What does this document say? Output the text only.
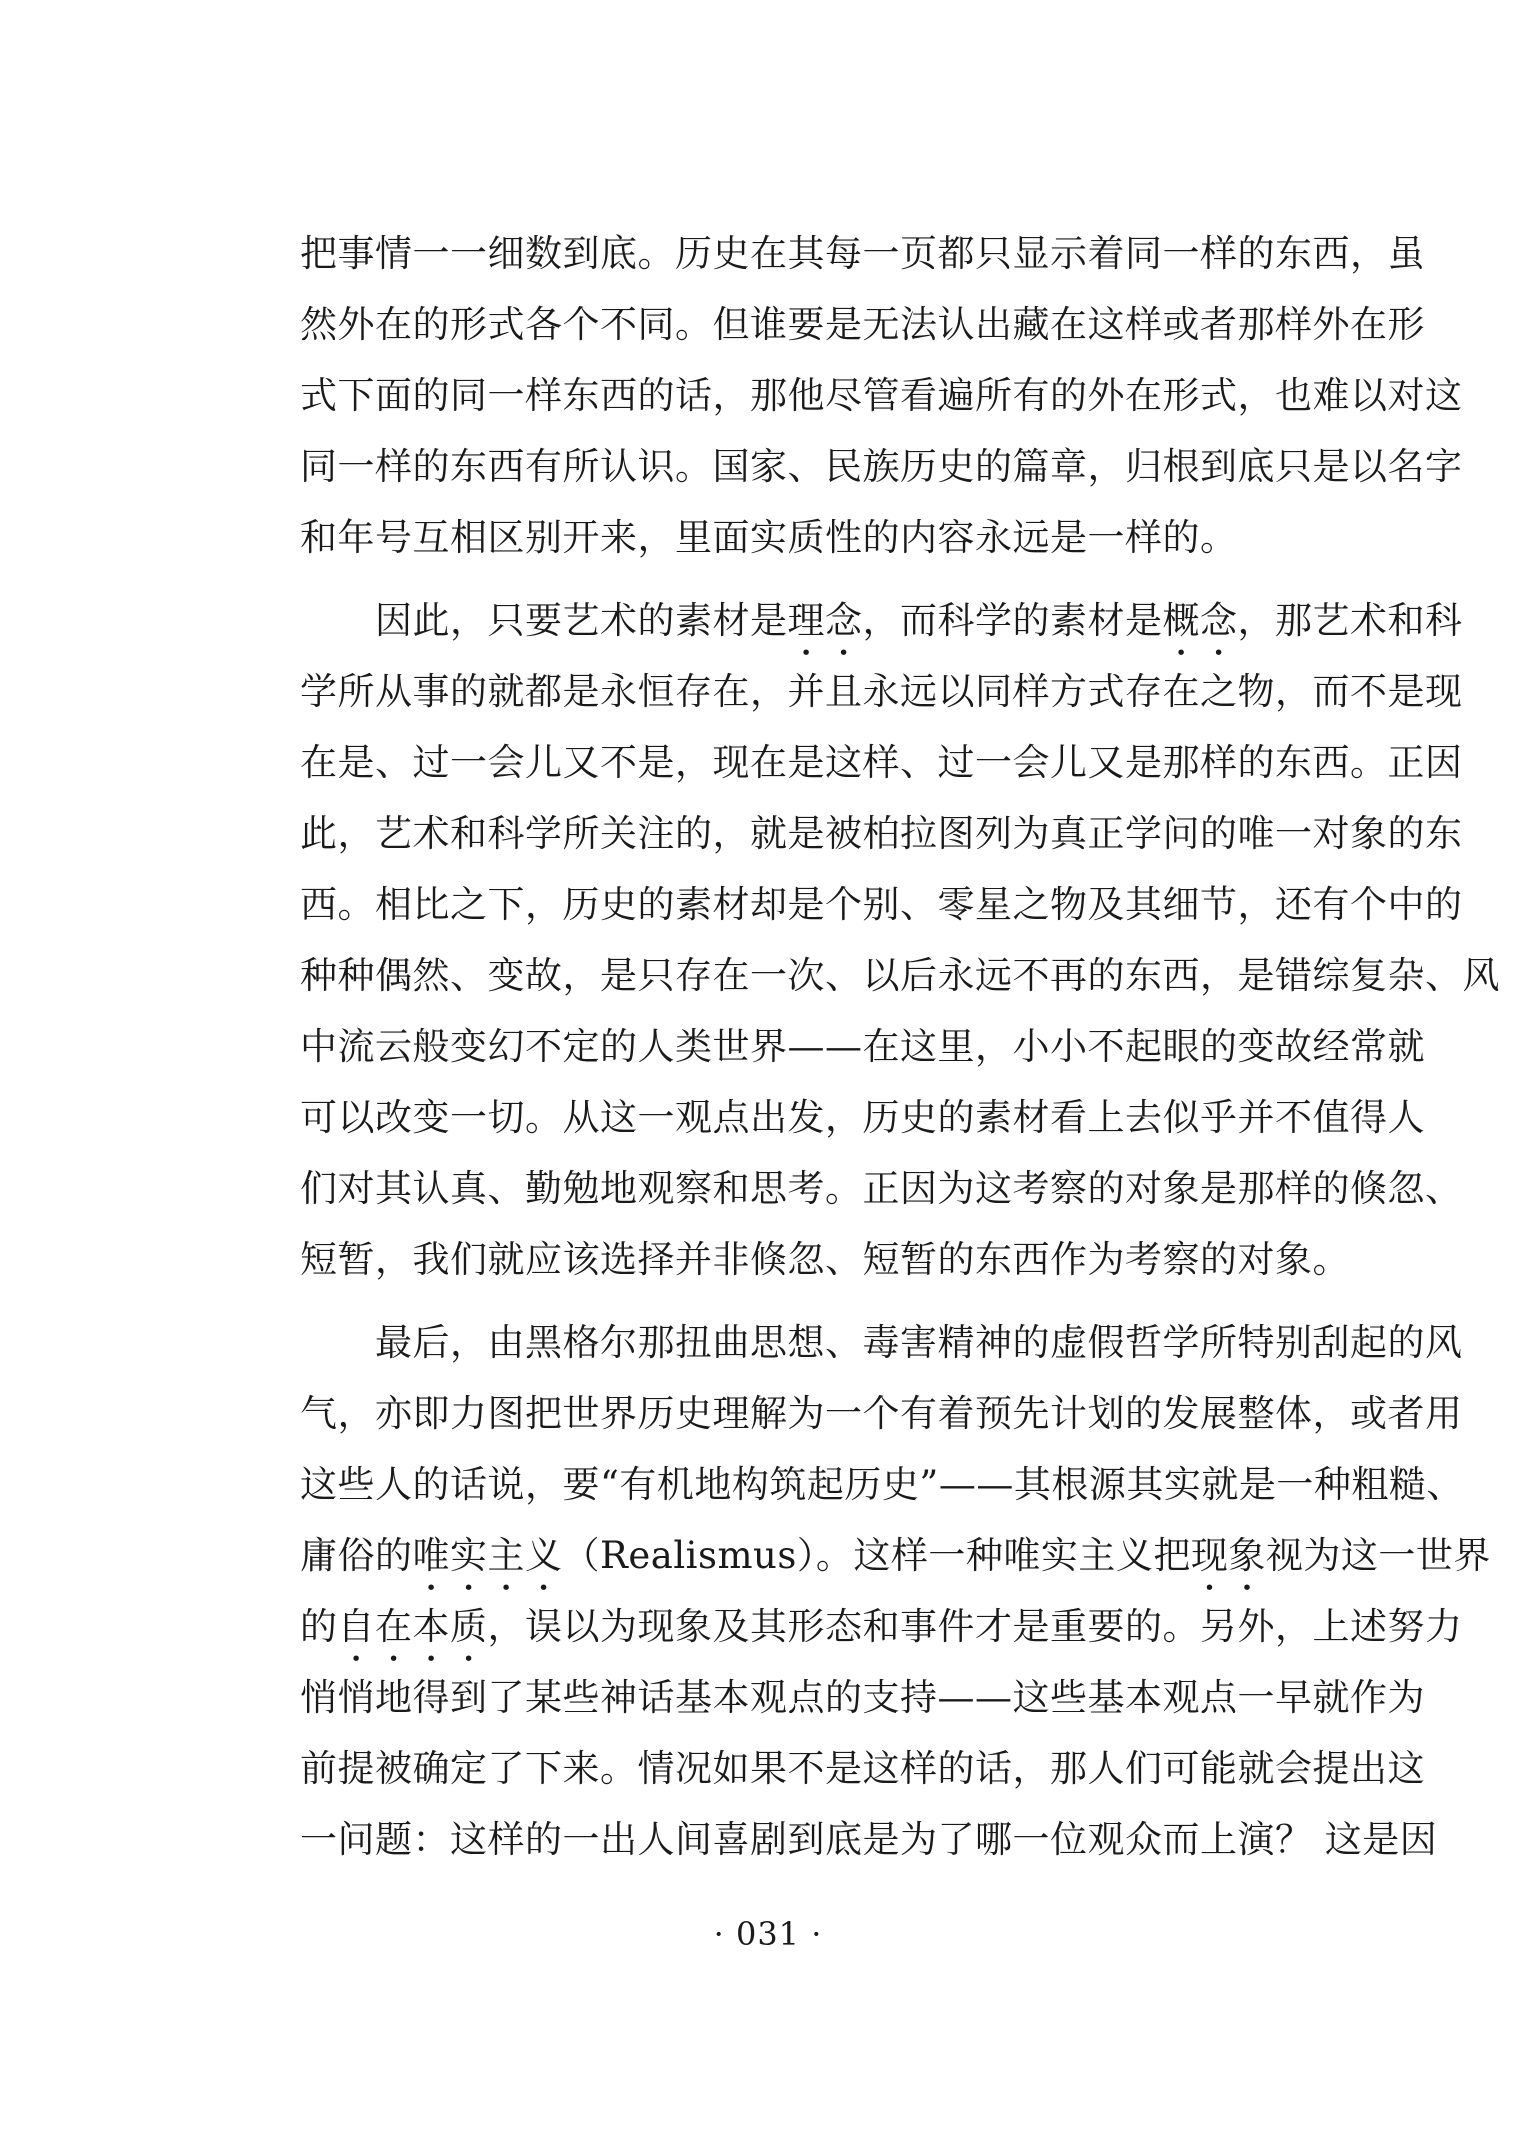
把事情一一细数到底。历史在其每一页都只显示着同一样的东西，虽
然外在的形式各个不同。但谁要是无法认出藏在这样或者那样外在形
式下面的同一样东西的话，那他尽管看遍所有的外在形式，也难以对这
同一样的东西有所认识。国家、民族历史的篇章，归根到底只是以名字
和年号互相区别开来，里面实质性的内容永远是一样的。
　　因此，只要艺术的素材是理念，而科学的素材是概念，那艺术和科
学所从事的就都是永恒存在，并且永远以同样方式存在之物，而不是现
在是、过一会儿又不是，现在是这样、过一会儿又是那样的东西。正因
此，艺术和科学所关注的，就是被柏拉图列为真正学问的唯一对象的东
西。相比之下，历史的素材却是个别、零星之物及其细节，还有个中的
种种偶然、变故，是只存在一次、以后永远不再的东西，是错综复杂、风
中流云般变幻不定的人类世界——在这里，小小不起眼的变故经常就
可以改变一切。从这一观点出发，历史的素材看上去似乎并不值得人
们对其认真、勤勉地观察和思考。正因为这考察的对象是那样的倏忽、
短暂，我们就应该选择并非倏忽、短暂的东西作为考察的对象。
　　最后，由黑格尔那扭曲思想、毒害精神的虚假哲学所特别刮起的风
气，亦即力图把世界历史理解为一个有着预先计划的发展整体，或者用
这些人的话说，要“有机地构筑起历史”——其根源其实就是一种粗糙、
庸俗的唯实主义（Realismus）。这样一种唯实主义把现象视为这一世界
的自在本质，误以为现象及其形态和事件才是重要的。另外，上述努力
悄悄地得到了某些神话基本观点的支持——这些基本观点一早就作为
前提被确定了下来。情况如果不是这样的话，那人们可能就会提出这
一问题：这样的一出人间喜剧到底是为了哪一位观众而上演？ 这是因
· 031 ·
